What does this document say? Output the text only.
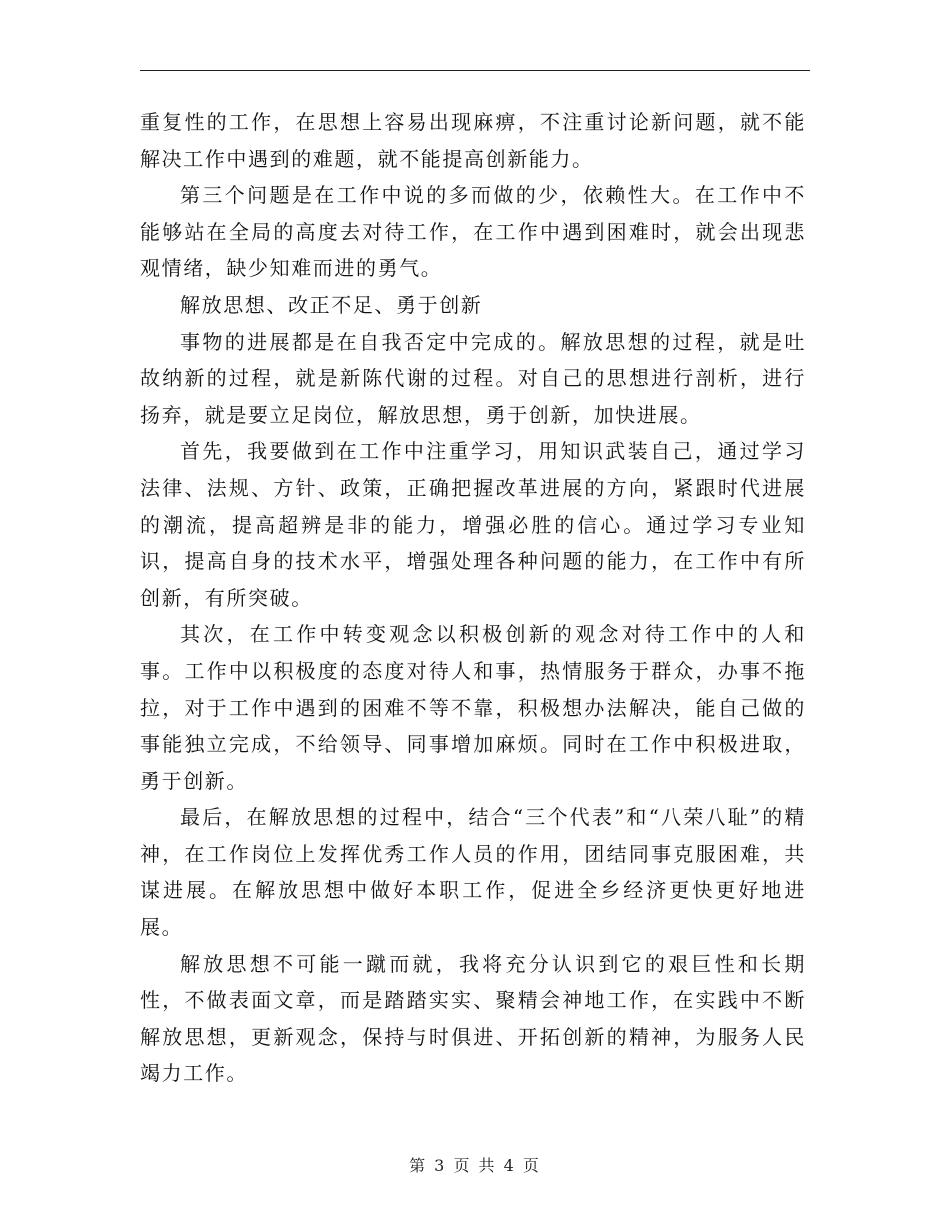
重复性的工作，在思想上容易出现麻痹，不注重讨论新问题，就不能解决工作中遇到的难题，就不能提高创新能力。

第三个问题是在工作中说的多而做的少，依赖性大。在工作中不能够站在全局的高度去对待工作，在工作中遇到困难时，就会出现悲观情绪，缺少知难而进的勇气。

解放思想、改正不足、勇于创新

事物的进展都是在自我否定中完成的。解放思想的过程，就是吐故纳新的过程，就是新陈代谢的过程。对自己的思想进行剖析，进行扬弃，就是要立足岗位，解放思想，勇于创新，加快进展。

首先，我要做到在工作中注重学习，用知识武装自己，通过学习法律、法规、方针、政策，正确把握改革进展的方向，紧跟时代进展的潮流，提高超辨是非的能力，增强必胜的信心。通过学习专业知识，提高自身的技术水平，增强处理各种问题的能力，在工作中有所创新，有所突破。

其次，在工作中转变观念以积极创新的观念对待工作中的人和事。工作中以积极度的态度对待人和事，热情服务于群众，办事不拖拉，对于工作中遇到的困难不等不靠，积极想办法解决，能自己做的事能独立完成，不给领导、同事增加麻烦。同时在工作中积极进取，勇于创新。

最后，在解放思想的过程中，结合“三个代表”和“八荣八耻”的精神，在工作岗位上发挥优秀工作人员的作用，团结同事克服困难，共谋进展。在解放思想中做好本职工作，促进全乡经济更快更好地进展。

解放思想不可能一蹴而就，我将充分认识到它的艰巨性和长期性，不做表面文章，而是踏踏实实、聚精会神地工作，在实践中不断解放思想，更新观念，保持与时俱进、开拓创新的精神，为服务人民竭力工作。

第 3 页 共 4 页
